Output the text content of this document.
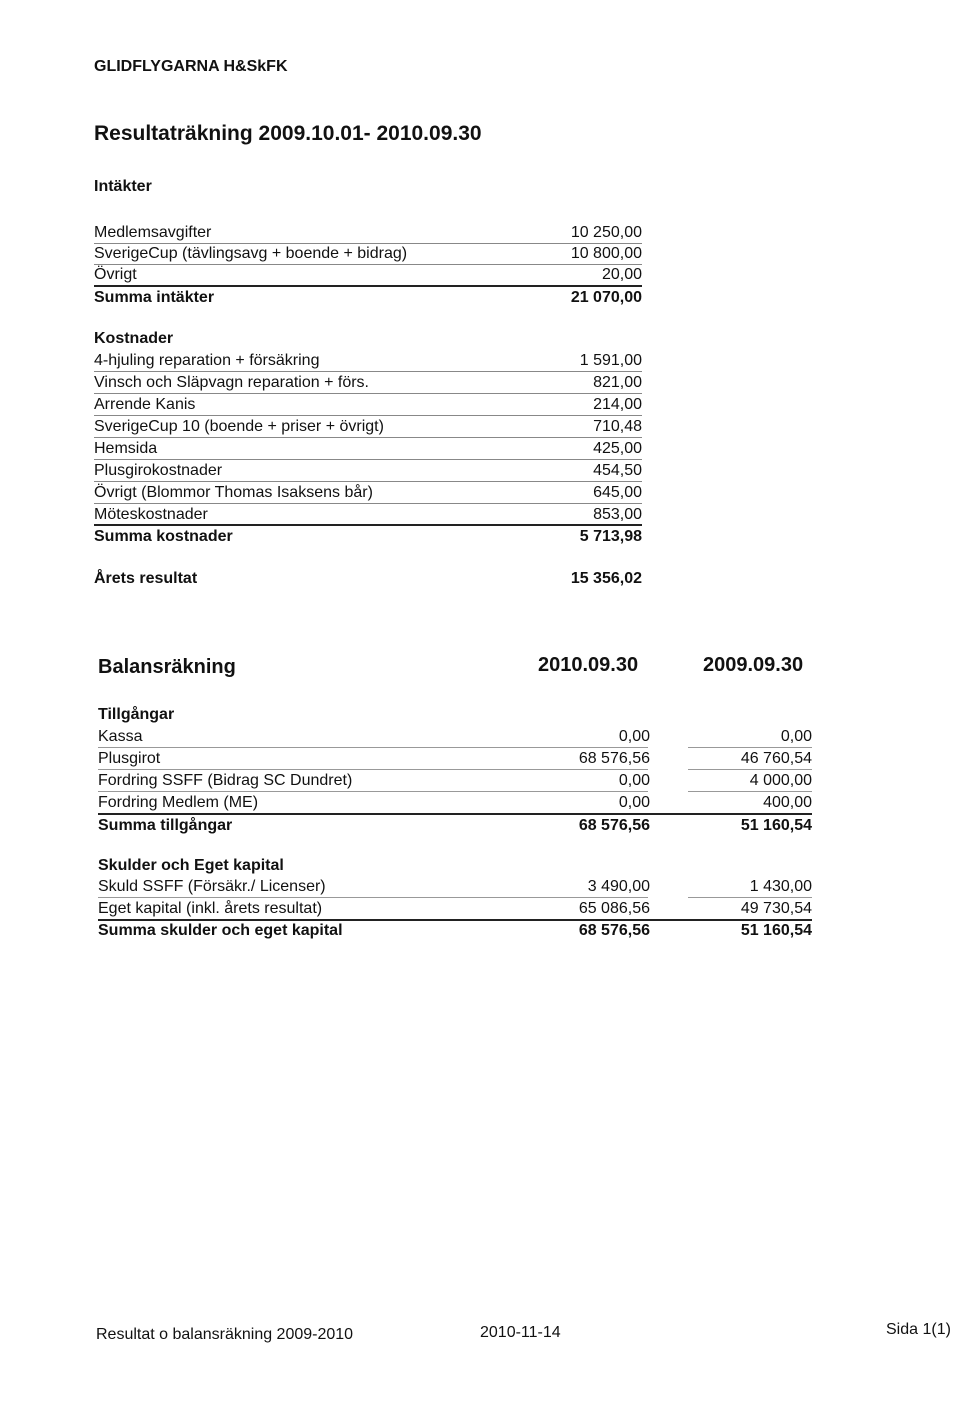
GLIDFLYGARNA H&SkFK
Resultaträkning 2009.10.01- 2010.09.30
Intäkter
Medlemsavgifter	10 250,00
SverigeCup (tävlingsavg + boende + bidrag)	10 800,00
Övrigt	20,00
Summa intäkter	21 070,00
Kostnader
4-hjuling reparation + försäkring	1 591,00
Vinsch och Släpvagn reparation + förs.	821,00
Arrende Kanis	214,00
SverigeCup 10 (boende + priser + övrigt)	710,48
Hemsida	425,00
Plusgirokostnader	454,50
Övrigt (Blommor Thomas Isaksens bår)	645,00
Möteskostnader	853,00
Summa kostnader	5 713,98
Årets resultat	15 356,02
Balansräkning	2010.09.30	2009.09.30
Tillgångar
Kassa	0,00	0,00
Plusgirot	68 576,56	46 760,54
Fordring SSFF (Bidrag SC Dundret)	0,00	4 000,00
Fordring Medlem (ME)	0,00	400,00
Summa tillgångar	68 576,56	51 160,54
Skulder och Eget kapital
Skuld SSFF (Försäkr./ Licenser)	3 490,00	1 430,00
Eget kapital (inkl. årets resultat)	65 086,56	49 730,54
Summa skulder och eget kapital	68 576,56	51 160,54
Resultat o balansräkning 2009-2010	2010-11-14	Sida 1(1)
